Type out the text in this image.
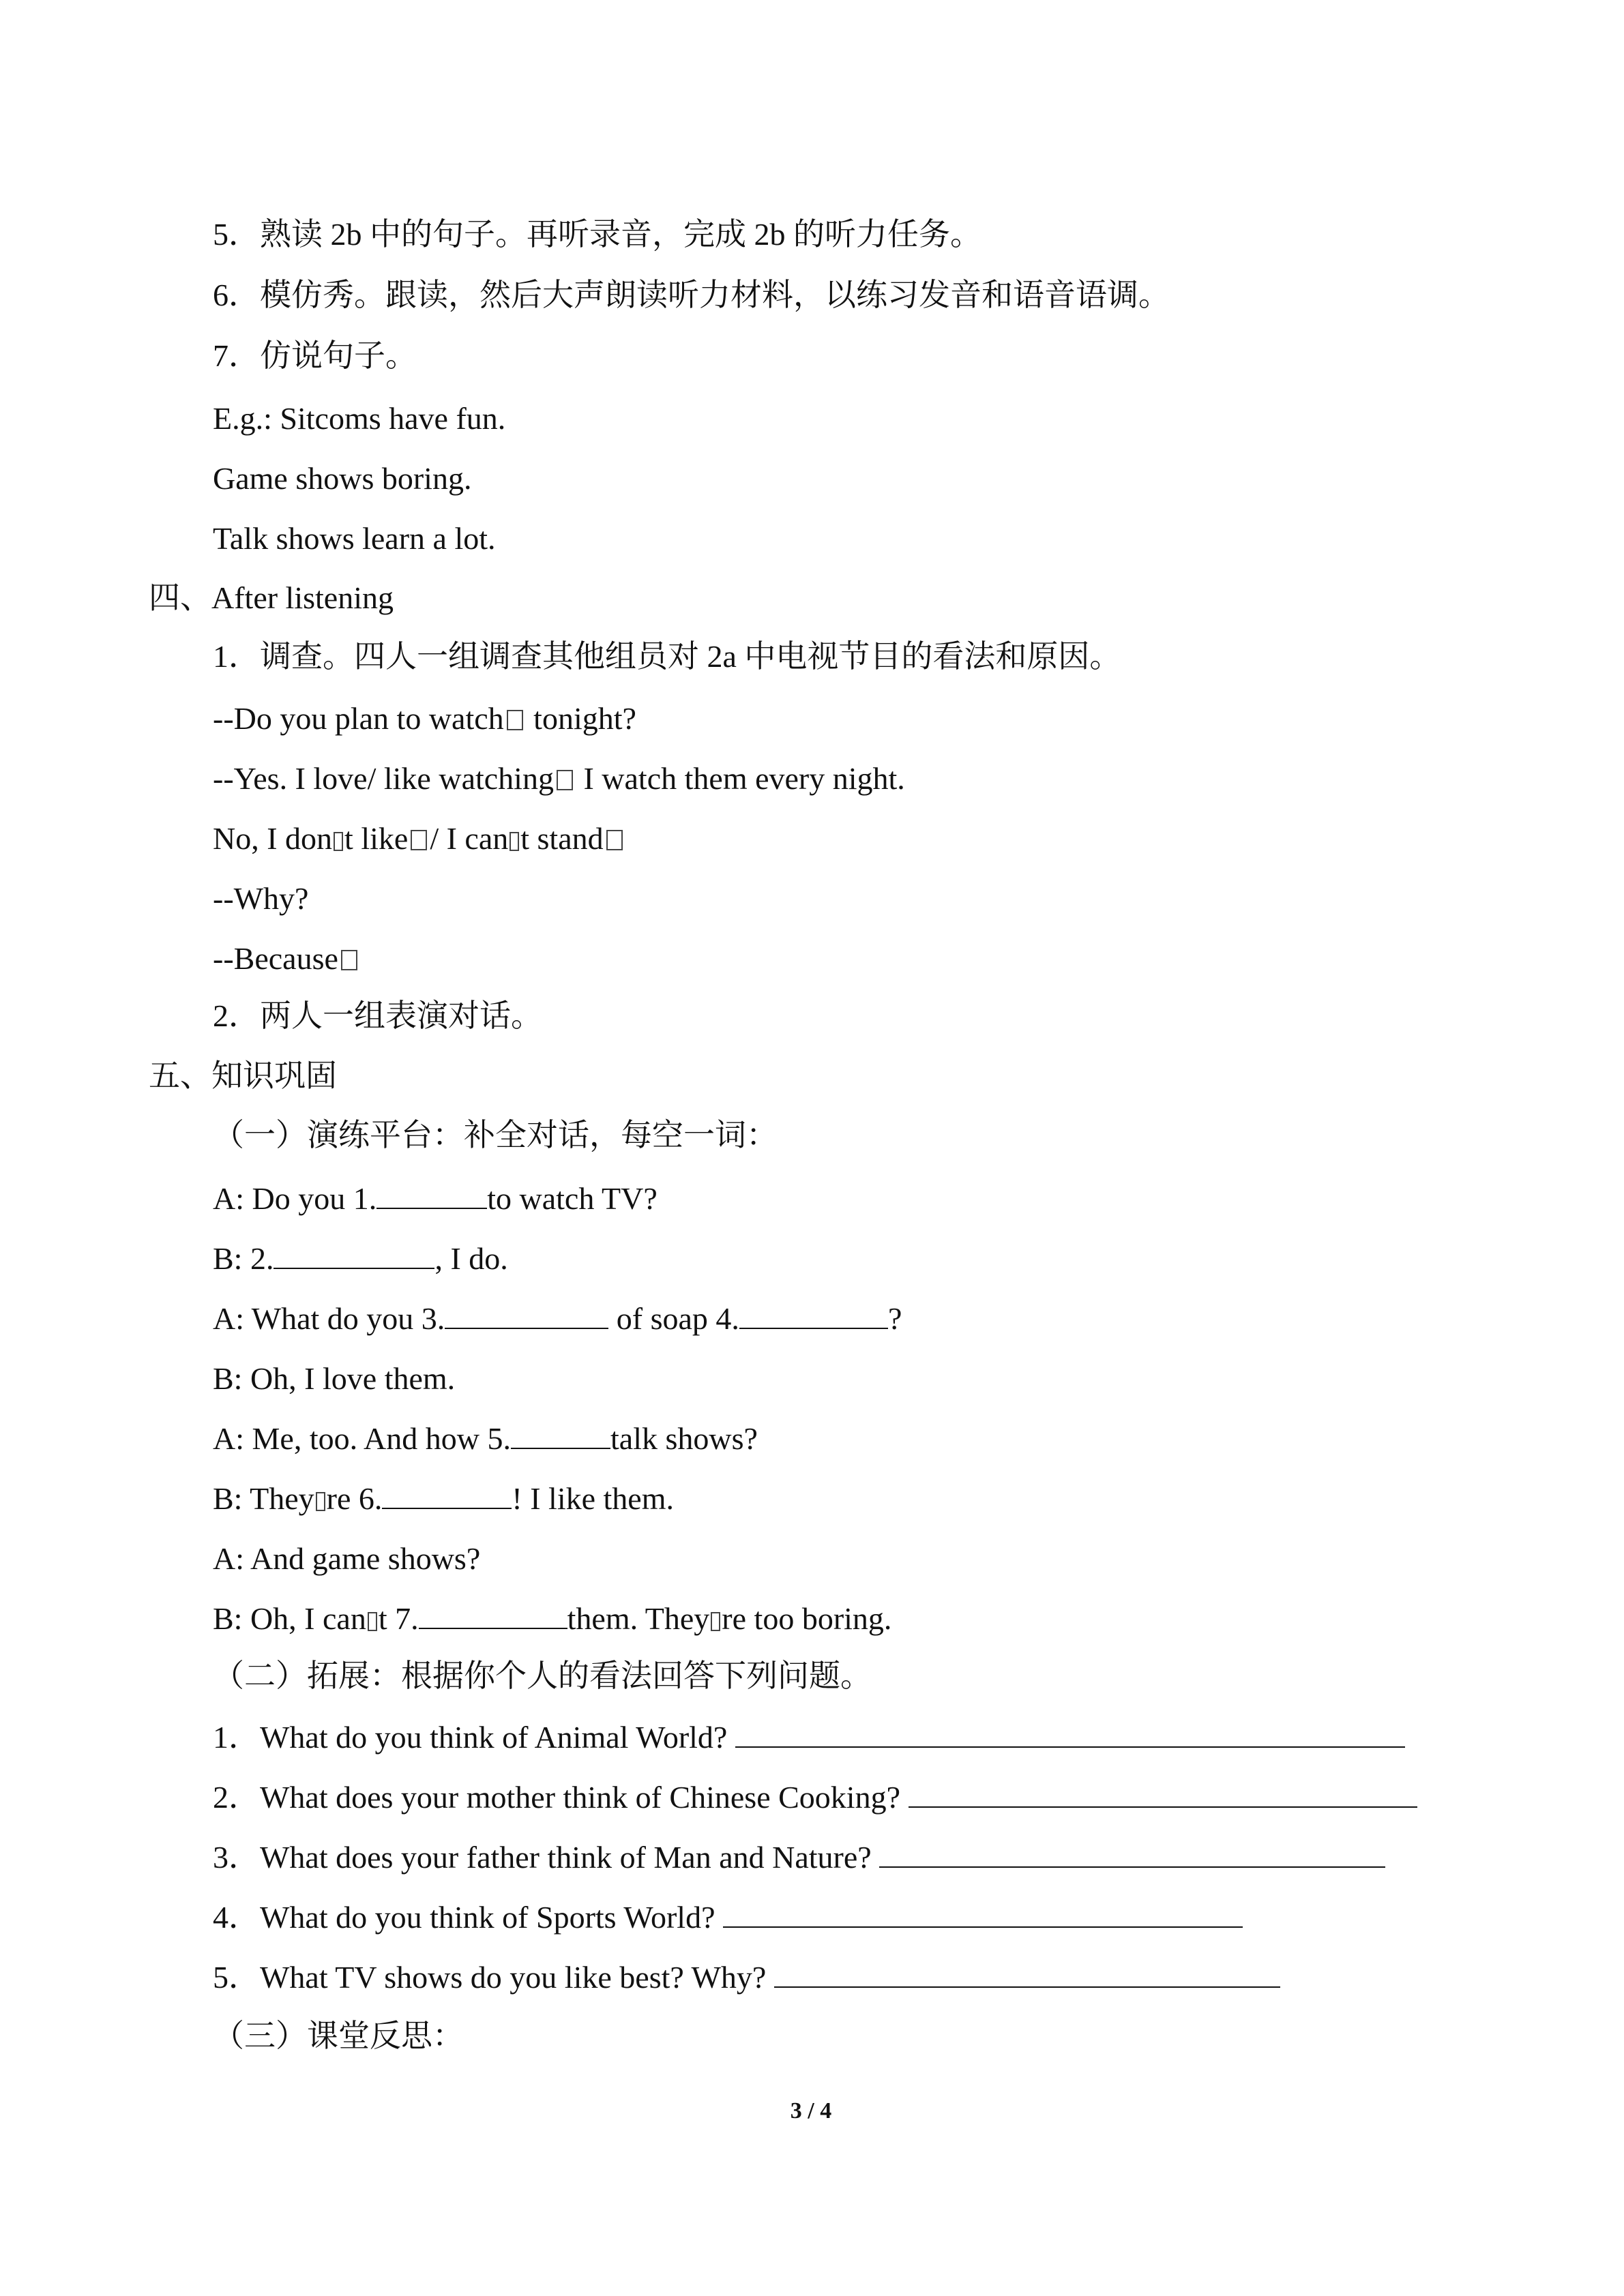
5．熟读 2b 中的句子。再听录音，完成 2b 的听力任务。
6．模仿秀。跟读，然后大声朗读听力材料，以练习发音和语音语调。
7．仿说句子。
E.g.: Sitcoms have fun.
Game shows boring.
Talk shows learn a lot.
四、After listening
1．调查。四人一组调查其他组员对 2a 中电视节目的看法和原因。
--Do you plan to watch tonight?
--Yes. I love/ like watching I watch them every night.
No, I don t like / I can t stand
--Why?
--Because
2．两人一组表演对话。
五、知识巩固
（一）演练平台：补全对话，每空一词：
A: Do you 1.	to watch TV?
B: 2.	, I do.
A: What do you 3.	of soap 4.	?
B: Oh, I love them.
A: Me, too. And how 5.	talk shows?
B: They re 6.	! I like them.
A: And game shows?
B: Oh, I can t 7.	them. They re too boring.
（二）拓展：根据你个人的看法回答下列问题。
1．What do you think of Animal World?
2．What does your mother think of Chinese Cooking?
3．What does your father think of Man and Nature?
4．What do you think of Sports World?
5．What TV shows do you like best? Why?
（三）课堂反思：
3 / 4
